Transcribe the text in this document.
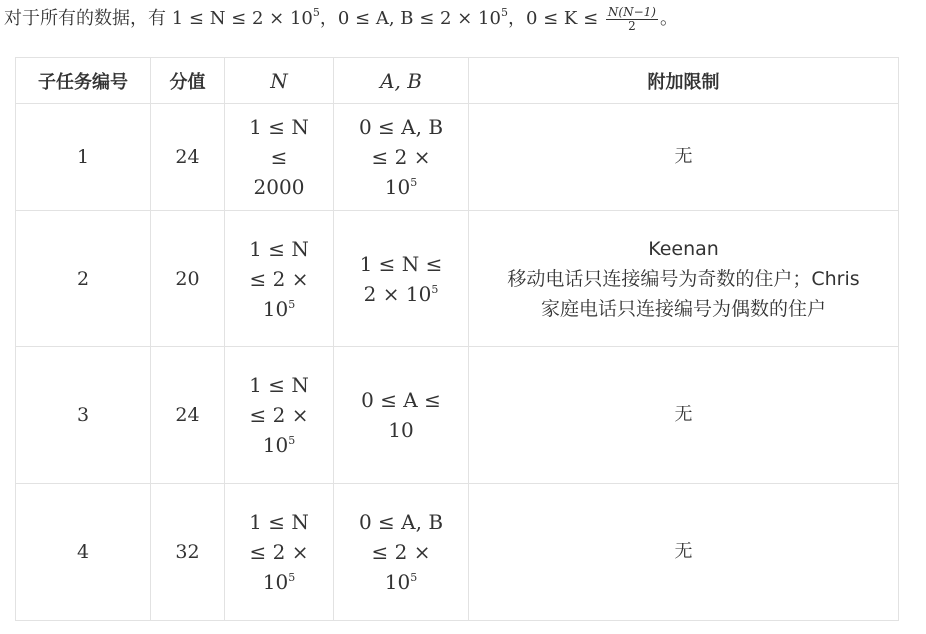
对于所有的数据，有 $1 \le N \le 2 \times 10^5$，0 ≤ A, $B \le 2 \times 10^5$，$0 \le K \le \frac{N(N-1)}{2}$ 。
子任务编号	分值	N	A, B	附加限制
1	24	1 ≤ N ≤ 2000	0 ≤ A, $B \le 2 \times 10^5$	无
2	20	$1 \le N \le 2 \times 10^5$	$1 \le N \le 2 \times 10^5$	Keenan
移动电话只连接编号为奇数的住户；Chris
家庭电话只连接编号为偶数的住户

3	24	$1 \le N \le 2 \times 10^5$	0 ≤ A ≤ 10	无
4	32	$1 \le N \le 2 \times 10^5$	0 ≤ A, $B \le 2 \times 10^5$	无
